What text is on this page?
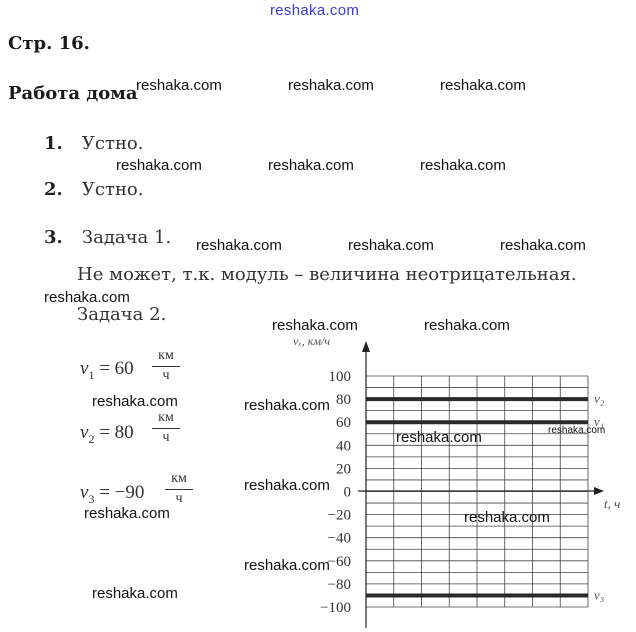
reshaka.com
Стр. 16.
Работа дома
1. Устно.
2. Устно.
3. Задача 1.
Не может, т.к. модуль – величина неотрицательная.
Задача 2.
$v_1 = 60$
км
ч
$v_2 = 80$
км
ч
$v_3 = -90$
км
ч
vₓ, км/ч
t, ч
100
80
60
40
20
0
−20
−40
−60
−80
−100
v₂
v₁
v₃
reshaka.com	reshaka.com	reshaka.com
reshaka.com	reshaka.com	reshaka.com
reshaka.com	reshaka.com	reshaka.com
reshaka.com
reshaka.com	reshaka.com
reshaka.com	reshaka.com
reshaka.com	reshaka.com
reshaka.com
reshaka.com	reshaka.com
reshaka.com
reshaka.com
